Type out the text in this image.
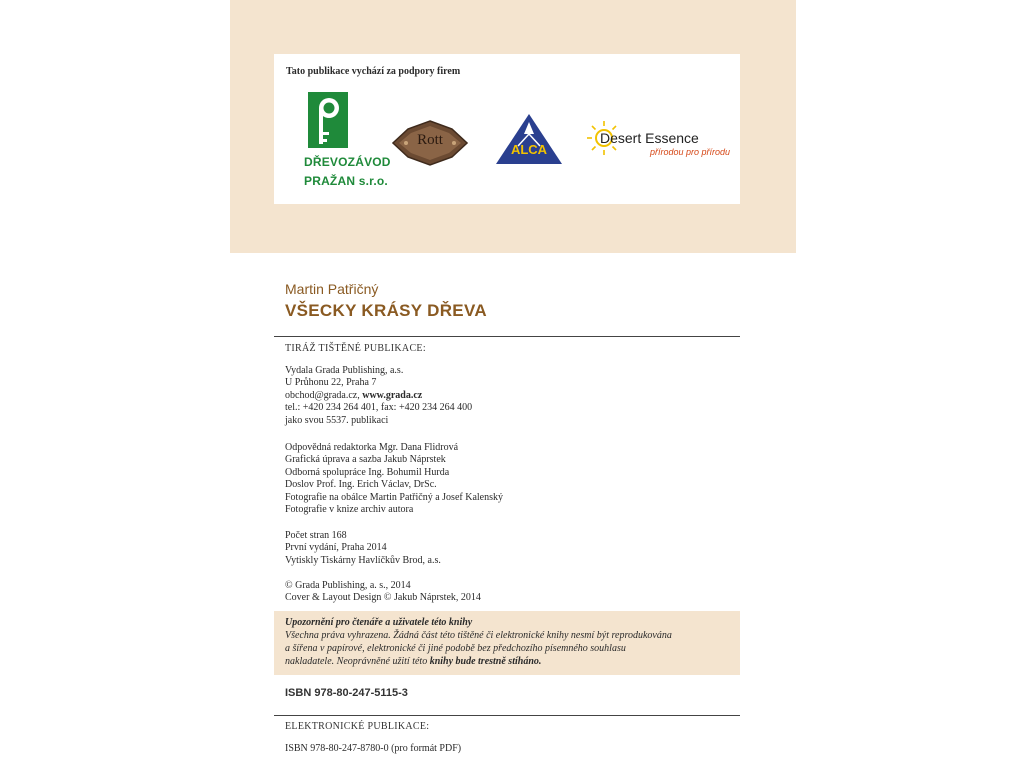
Tato publikace vychází za podpory firem
DŘEVOZÁVOD
PRAŽAN s.r.o.
Rott
ALCA
Desert Essence
přírodou pro přírodu
Martin Patřičný
VŠECKY KRÁSY DŘEVA
TIRÁŽ TIŠTĚNÉ PUBLIKACE:
Vydala Grada Publishing, a.s.
U Průhonu 22, Praha 7
obchod@grada.cz, www.grada.cz
tel.: +420 234 264 401, fax: +420 234 264 400
jako svou 5537. publikaci
Odpovědná redaktorka Mgr. Dana Flidrová
Grafická úprava a sazba Jakub Náprstek
Odborná spolupráce Ing. Bohumil Hurda
Doslov Prof. Ing. Erich Václav, DrSc.
Fotografie na obálce Martin Patřičný a Josef Kalenský
Fotografie v knize archiv autora
Počet stran 168
První vydání, Praha 2014
Vytiskly Tiskárny Havlíčkův Brod, a.s.
© Grada Publishing, a. s., 2014
Cover & Layout Design © Jakub Náprstek, 2014
Upozornění pro čtenáře a uživatele této knihy
Všechna práva vyhrazena. Žádná část této tištěné či elektronické knihy nesmí být reprodukována
a šířena v papírové, elektronické či jiné podobě bez předchozího písemného souhlasu
nakladatele. Neoprávněné užití této knihy bude trestně stíháno.
ISBN 978-80-247-5115-3
ELEKTRONICKÉ PUBLIKACE:
ISBN 978-80-247-8780-0 (pro formát PDF)
